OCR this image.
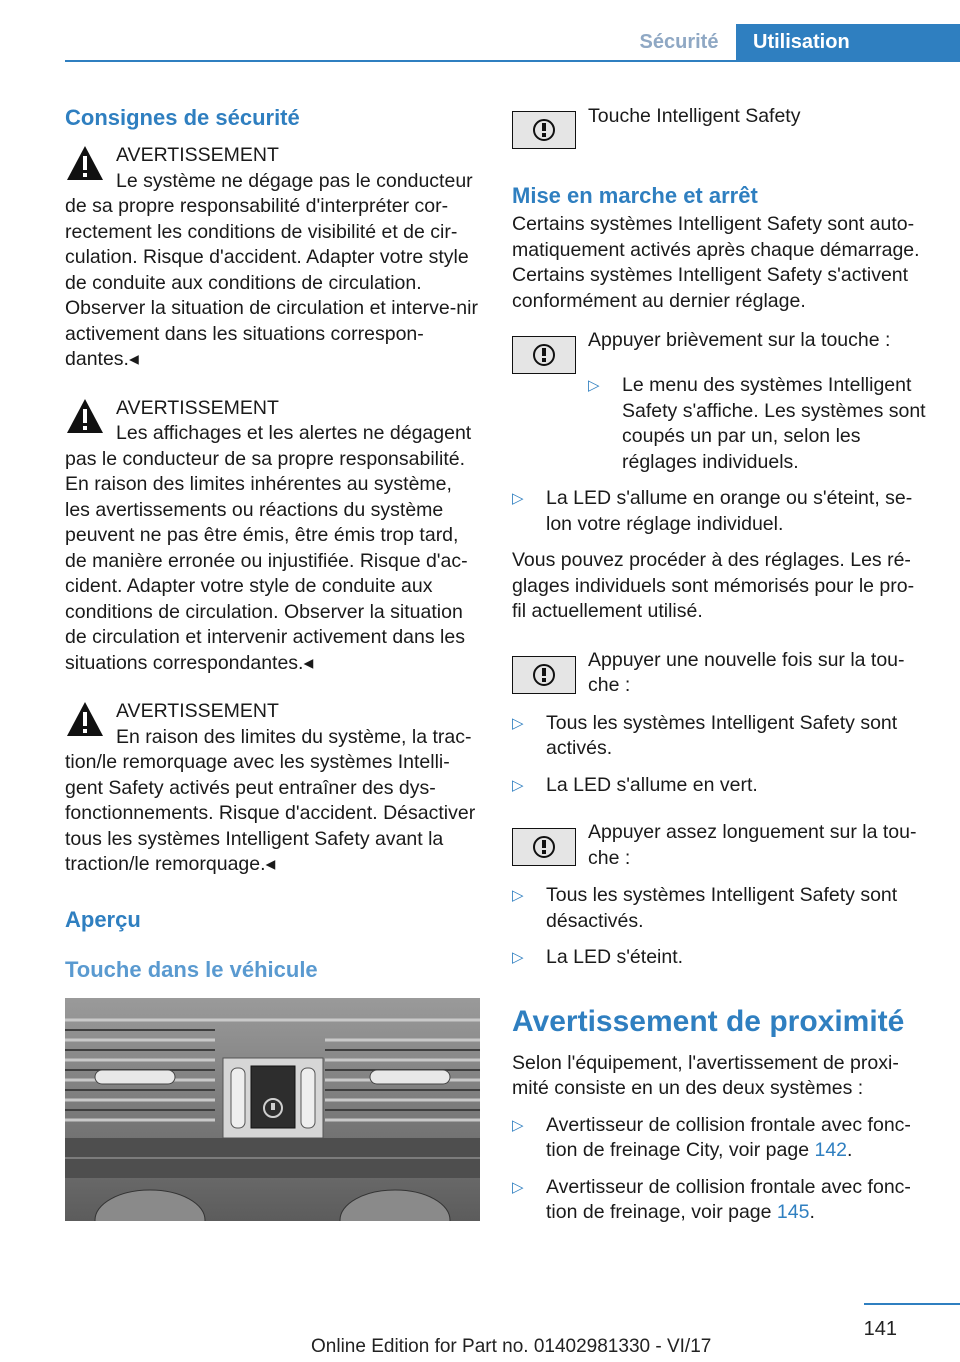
Sécurité	Utilisation
Consignes de sécurité

AVERTISSEMENT

Le système ne dégage pas le conducteur

de sa propre responsabilité d'interpréter cor-rectement les conditions de visibilité et de cir-culation. Risque d'accident. Adapter votre style de conduite aux conditions de circulation. Observer la situation de circulation et interve-nir activement dans les situations correspon-dantes.◂

AVERTISSEMENT

Les affichages et les alertes ne dégagent

pas le conducteur de sa propre responsabilité. En raison des limites inhérentes au système, les avertissements ou réactions du système peuvent ne pas être émis, être émis trop tard, de manière erronée ou injustifiée. Risque d'ac-cident. Adapter votre style de conduite aux conditions de circulation. Observer la situation de circulation et intervenir activement dans les situations correspondantes.◂

AVERTISSEMENT

En raison des limites du système, la trac-

tion/le remorquage avec les systèmes Intelli-gent Safety activés peut entraîner des dys-fonctionnements. Risque d'accident. Désactiver tous les systèmes Intelligent Safety avant la traction/le remorquage.◂

Aperçu
Touche dans le véhicule

Touche Intelligent Safety

Mise en marche et arrêt

Certains systèmes Intelligent Safety sont auto-matiquement activés après chaque démarrage. Certains systèmes Intelligent Safety s'activent conformément au dernier réglage.

Appuyer brièvement sur la touche :

▷ Le menu des systèmes Intelligent Safety s'affiche. Les systèmes sont coupés un par un, selon les réglages individuels.

▷ La LED s'allume en orange ou s'éteint, se-lon votre réglage individuel.

Vous pouvez procéder à des réglages. Les ré-glages individuels sont mémorisés pour le pro-fil actuellement utilisé.

Appuyer une nouvelle fois sur la tou-che :

▷ Tous les systèmes Intelligent Safety sont activés.

▷ La LED s'allume en vert.

Appuyer assez longuement sur la tou-che :

▷ Tous les systèmes Intelligent Safety sont désactivés.

▷ La LED s'éteint.

Avertissement de proximité

Selon l'équipement, l'avertissement de proxi-mité consiste en un des deux systèmes :

▷ Avertisseur de collision frontale avec fonc-tion de freinage City, voir page 142.

▷ Avertisseur de collision frontale avec fonc-tion de freinage, voir page 145.

141
Online Edition for Part no. 01402981330 - VI/17
